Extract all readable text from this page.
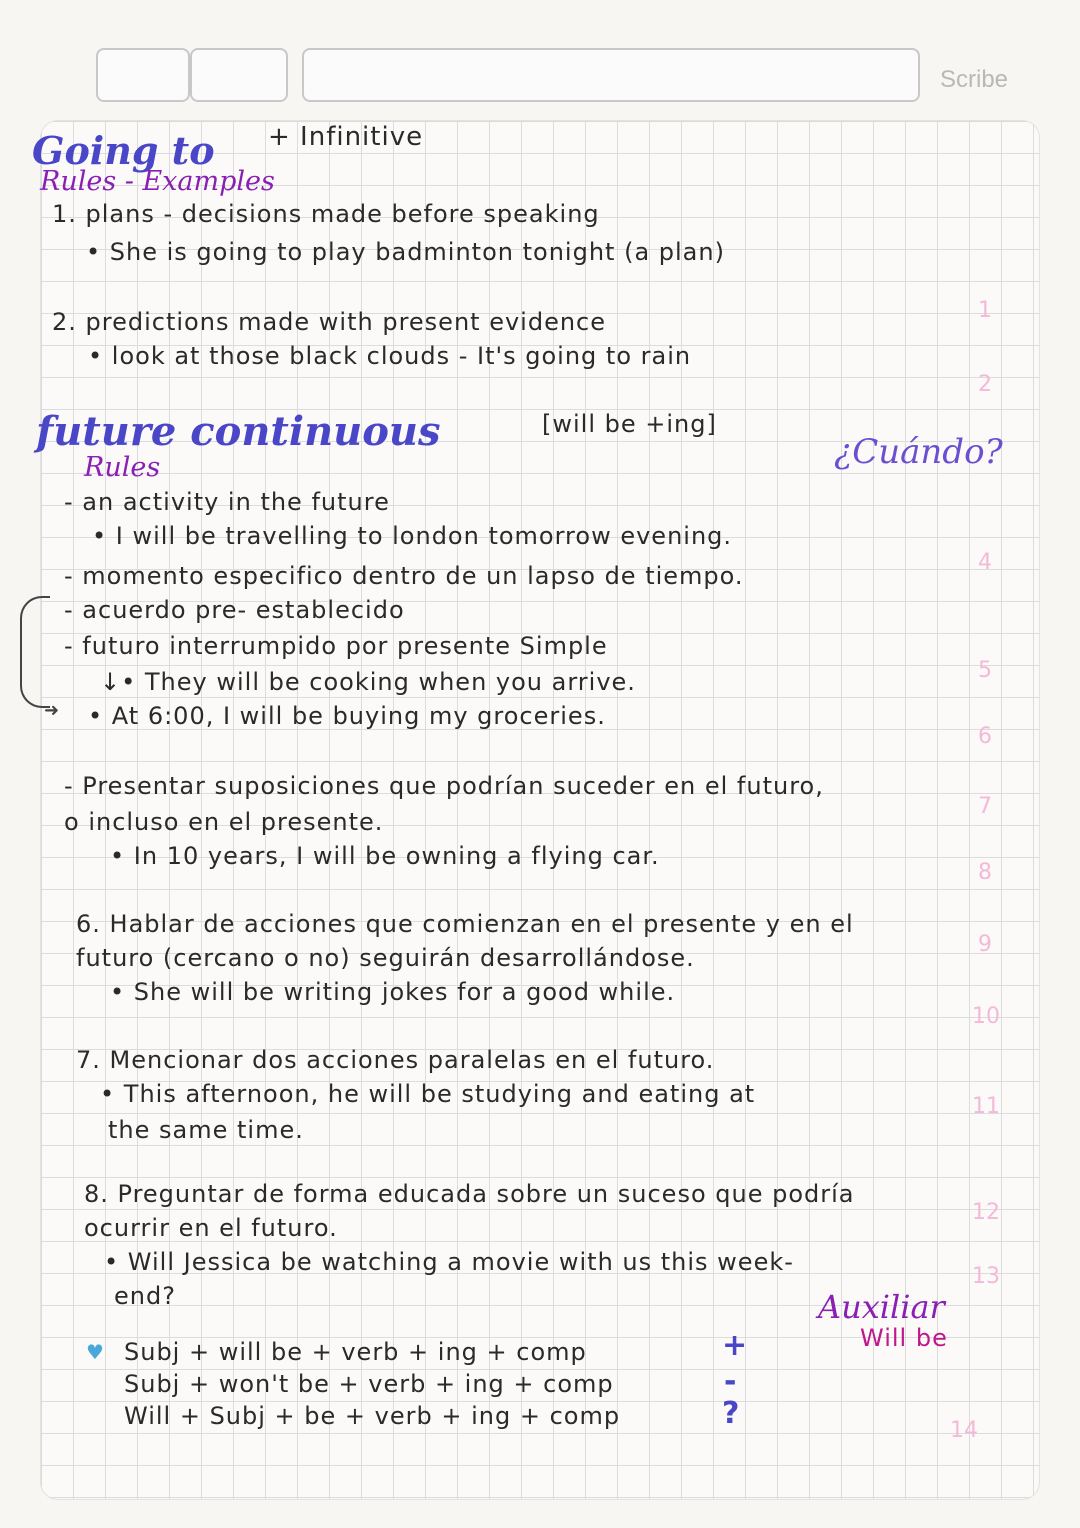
Scribe
1
2
4
5
6
7
8
9
10
11
12
13
14
Going to + Infinitive
Rules - Examples
1. plans - decisions made before speaking
• She is going to play badminton tonight (a plan)
2. predictions made with present evidence
• look at those black clouds - It's going to rain
future continuous	[will be +ing]
¿Cuándo?
Rules
- an activity in the future
• I will be travelling to london tomorrow evening.
- momento especifico dentro de un lapso de tiempo.
- acuerdo pre- establecido
- futuro interrumpido por presente Simple
↓• They will be cooking when you arrive.
• At 6:00, I will be buying my groceries.
➜
- Presentar suposiciones que podrían suceder en el futuro,
o incluso en el presente.
• In 10 years, I will be owning a flying car.
6. Hablar de acciones que comienzan en el presente y en el
futuro (cercano o no) seguirán desarrollándose.
• She will be writing jokes for a good while.
7. Mencionar dos acciones paralelas en el futuro.
• This afternoon, he will be studying and eating at
the same time.
8. Preguntar de forma educada sobre un suceso que podría
ocurrir en el futuro.
• Will Jessica be watching a movie with us this week-
end?	Auxiliar
Will be
♥ Subj + will be + verb + ing + comp	+
Subj + won't be + verb + ing + comp	-
Will + Subj + be + verb + ing + comp	?
